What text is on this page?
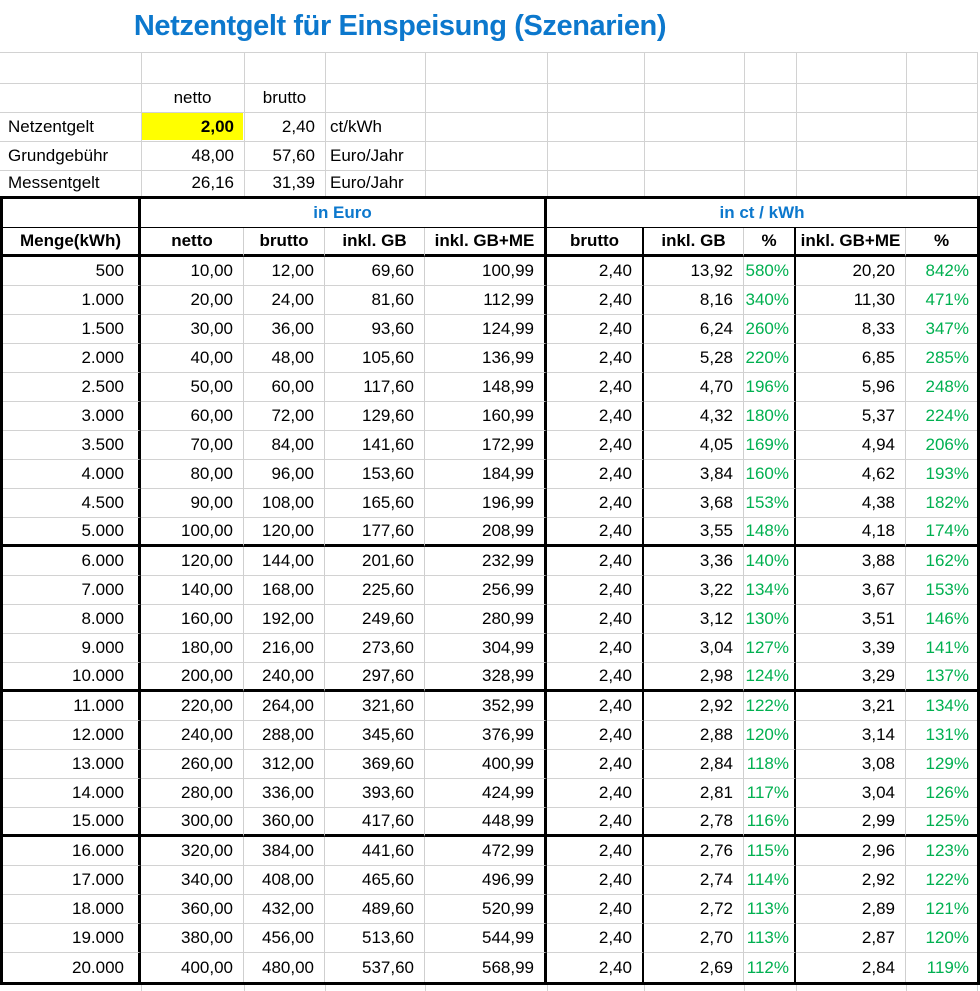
Netzentgelt für Einspeisung (Szenarien)
netto	brutto
Netzentgelt	2,00	2,40 ct/kWh
Grundgebühr	48,00	57,60 Euro/Jahr
Messentgelt	26,16	31,39 Euro/Jahr
in Euro	in ct / kWh
Menge(kWh)	netto	brutto	inkl. GB	inkl. GB+ME	brutto	inkl. GB	%	inkl. GB+ME	%
500	10,00	12,00	69,60	100,99	2,40	13,92 580%	20,20	842%
1.000	20,00	24,00	81,60	112,99	2,40	8,16 340%	11,30	471%
1.500	30,00	36,00	93,60	124,99	2,40	6,24 260%	8,33	347%
2.000	40,00	48,00	105,60	136,99	2,40	5,28 220%	6,85	285%
2.500	50,00	60,00	117,60	148,99	2,40	4,70 196%	5,96	248%
3.000	60,00	72,00	129,60	160,99	2,40	4,32 180%	5,37	224%
3.500	70,00	84,00	141,60	172,99	2,40	4,05 169%	4,94	206%
4.000	80,00	96,00	153,60	184,99	2,40	3,84 160%	4,62	193%
4.500	90,00	108,00	165,60	196,99	2,40	3,68 153%	4,38	182%
5.000	100,00	120,00	177,60	208,99	2,40	3,55 148%	4,18	174%
6.000	120,00	144,00	201,60	232,99	2,40	3,36 140%	3,88	162%
7.000	140,00	168,00	225,60	256,99	2,40	3,22 134%	3,67	153%
8.000	160,00	192,00	249,60	280,99	2,40	3,12 130%	3,51	146%
9.000	180,00	216,00	273,60	304,99	2,40	3,04 127%	3,39	141%
10.000	200,00	240,00	297,60	328,99	2,40	2,98 124%	3,29	137%
11.000	220,00	264,00	321,60	352,99	2,40	2,92 122%	3,21	134%
12.000	240,00	288,00	345,60	376,99	2,40	2,88 120%	3,14	131%
13.000	260,00	312,00	369,60	400,99	2,40	2,84 118%	3,08	129%
14.000	280,00	336,00	393,60	424,99	2,40	2,81 117%	3,04	126%
15.000	300,00	360,00	417,60	448,99	2,40	2,78 116%	2,99	125%
16.000	320,00	384,00	441,60	472,99	2,40	2,76 115%	2,96	123%
17.000	340,00	408,00	465,60	496,99	2,40	2,74 114%	2,92	122%
18.000	360,00	432,00	489,60	520,99	2,40	2,72 113%	2,89	121%
19.000	380,00	456,00	513,60	544,99	2,40	2,70 113%	2,87	120%
20.000	400,00	480,00	537,60	568,99	2,40	2,69 112%	2,84	119%
